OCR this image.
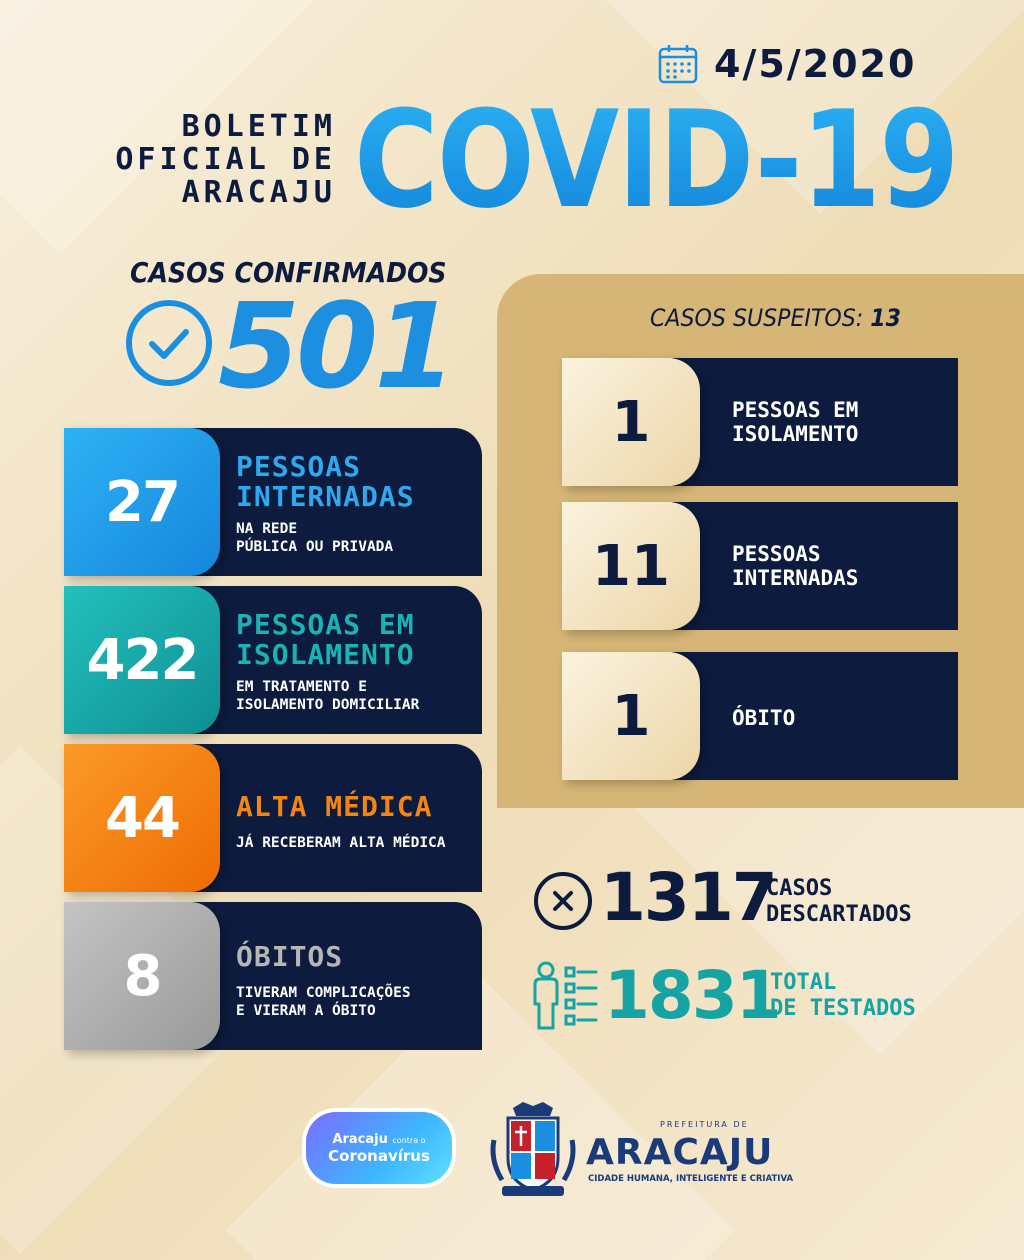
4/5/2020
BOLETIM
OFICIAL DE
ARACAJU COVID-19
CASOS CONFIRMADOS
501
27
PESSOAS
INTERNADAS
NA REDE
PÚBLICA OU PRIVADA
422
PESSOAS EM
ISOLAMENTO
EM TRATAMENTO E
ISOLAMENTO DOMICILIAR
44 ALTA MÉDICA
JÁ RECEBERAM ALTA MÉDICA
8	ÓBITOS
TIVERAM COMPLICAÇÕES
E VIERAM A ÓBITO
CASOS SUSPEITOS: 13
1	PESSOAS EM
ISOLAMENTO
11	PESSOAS
INTERNADAS
1	ÓBITO
1317
CASOS
DESCARTADOS
1831
TOTAL
DE TESTADOS
Aracaju contra o
Coronavírus
PREFEITURA DE
ARACAJU
CIDADE HUMANA, INTELIGENTE E CRIATIVA
